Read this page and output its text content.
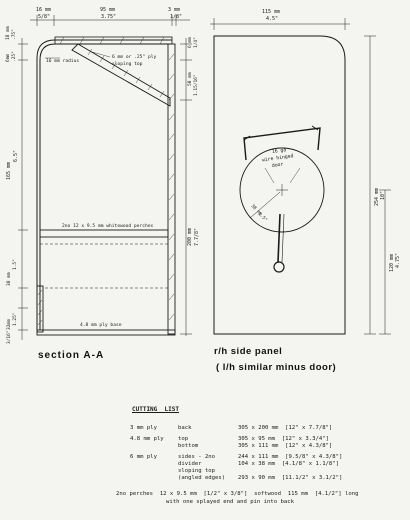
16 mm
5/8"
95 mm
3.75"
3 mm
1/8"
6mm .25"
18 mm .75"
165 mm
6.5"
38 mm
1.5"
32mm 1.25"
3/16"
6 mm 1/4"
50 mm 1.15/16"
200 mm 7.7/8"
16 mm radius
6 mm or .25" ply
sloping top
2no 12 x 9.5 mm whitewood perches
4.8 mm ply base
section A-A
115 mm
4.5"
254 mm 10"
120 mm 4.75"
38 mm
1.5"
16 ga
wire hinged
door
r/h side panel
( l/h similar minus door)
CUTTING  LIST
3 mm ply	back	305 x 200 mm  [12" x 7.7/8"]
4.8 mm ply	top	305 x 95 mm  [12" x 3.3/4"]
bottom	305 x 111 mm  [12" x 4.3/8"]
6 mm ply	sides - 2no	244 x 111 mm  [9.5/8" x 4.3/8"]
divider	104 x 38 mm  [4.1/8" x 1.1/8"]
sloping top
(angled edges) 293 x 90 mm  [11.1/2" x 3.1/2"]
2no perches  12 x 9.5 mm  [1/2" x 3/8"]  softwood  115 mm  [4.1/2"] long
with one splayed end and pin into back
